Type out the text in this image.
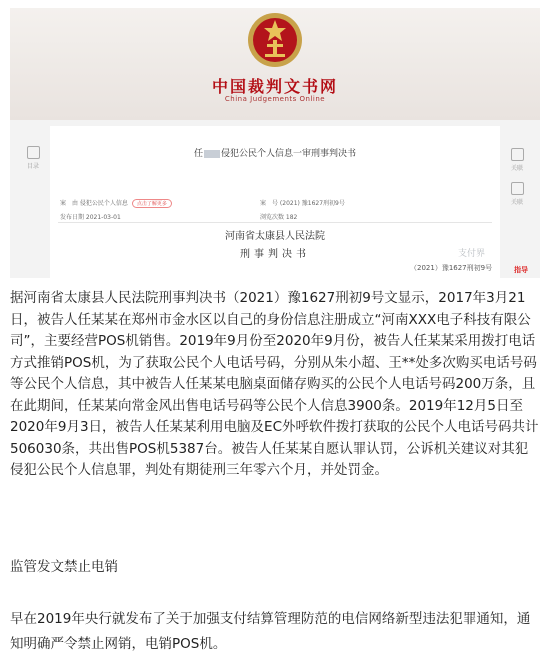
中国裁判文书网
China Judgements Online
目录	关联
关联
任 侵犯公民个人信息一审刑事判决书
案　由 侵犯公民个人信息 点击了解更多	案　号 (2021) 豫1627刑初9号
发布日期 2021-03-01	浏览次数 182
河南省太康县人民法院
刑事判决书
（2021）豫1627刑初9号
支付界
指导

据河南省太康县人民法院刑事判决书（2021）豫1627刑初9号文显示，2017年3月21日，被告人任某某在郑州市金水区以自己的身份信息注册成立“河南XXX电子科技有限公司”，主要经营POS机销售。2019年9月份至2020年9月份，被告人任某某采用拨打电话方式推销POS机，为了获取公民个人电话号码，分别从朱小超、王**处多次购买电话号码等公民个人信息，其中被告人任某某电脑桌面储存购买的公民个人电话号码200万条，且在此期间，任某某向常金风出售电话号码等公民个人信息3900条。2019年12月5日至2020年9月3日，被告人任某某利用电脑及EC外呼软件拨打获取的公民个人电话号码共计506030条，共出售POS机5387台。被告人任某某自愿认罪认罚，公诉机关建议对其犯侵犯公民个人信息罪，判处有期徒刑三年零六个月，并处罚金。

监管发文禁止电销

早在2019年央行就发布了关于加强支付结算管理防范的电信网络新型违法犯罪通知，通知明确严令禁止网销，电销POS机。
